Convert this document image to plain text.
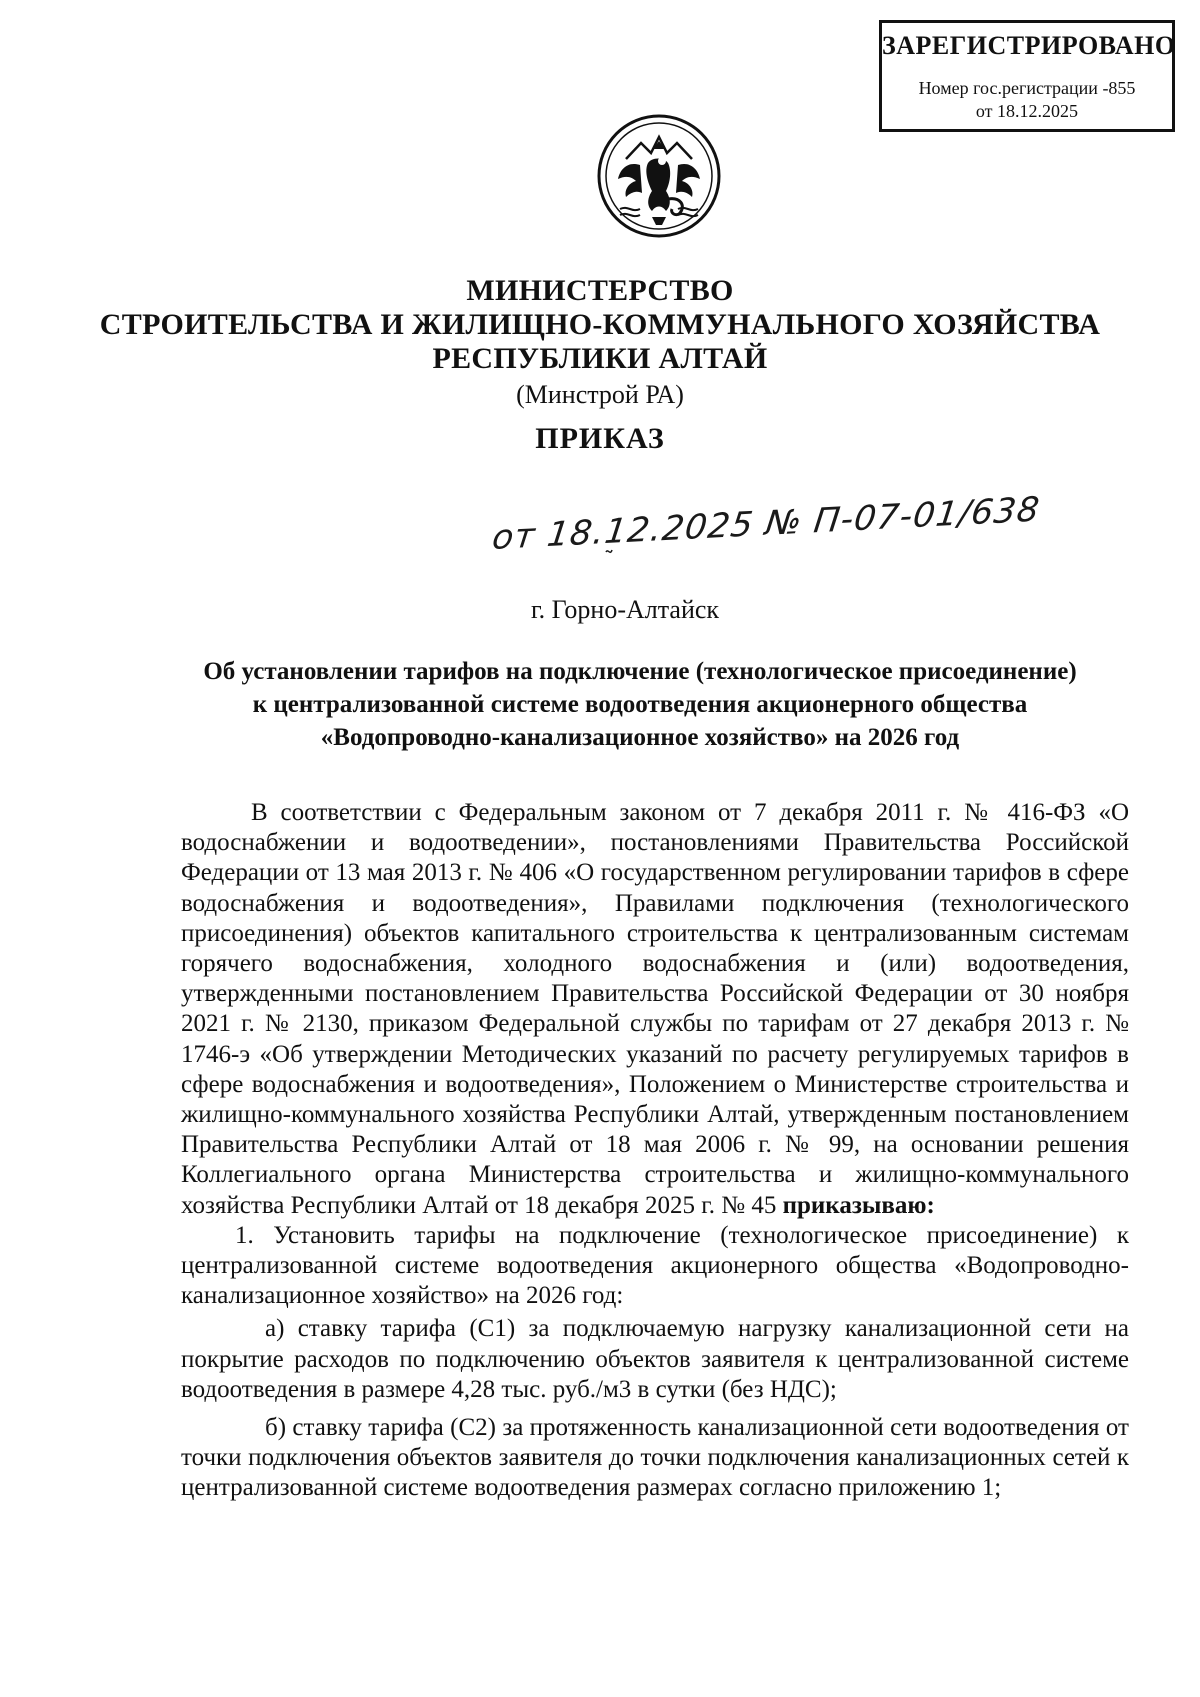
ЗАРЕГИСТРИРОВАНО
Номер гос.регистрации -855
от 18.12.2025
МИНИСТЕРСТВО
СТРОИТЕЛЬСТВА И ЖИЛИЩНО-КОММУНАЛЬНОГО ХОЗЯЙСТВА
РЕСПУБЛИКИ АЛТАЙ
(Минстрой РА)
ПРИКАЗ
от 18.12.2025 № П-07-01/638
г. Горно-Алтайск
Об установлении тарифов на подключение (технологическое присоединение)
к централизованной системе водоотведения акционерного общества
«Водопроводно-канализационное хозяйство» на 2026 год

В соответствии с Федеральным законом от 7 декабря 2011 г. № 416-ФЗ «О водоснабжении и водоотведении», постановлениями Правительства Российской Федерации от 13 мая 2013 г. № 406 «О государственном регулировании тарифов в сфере водоснабжения и водоотведения», Правилами подключения (технологического присоединения) объектов капитального строительства к централизованным системам горячего водоснабжения, холодного водоснабжения и (или) водоотведения, утвержденными постановлением Правительства Российской Федерации от 30 ноября 2021 г. № 2130, приказом Федеральной службы по тарифам от 27 декабря 2013 г. № 1746-э «Об утверждении Методических указаний по расчету регулируемых тарифов в сфере водоснабжения и водоотведения», Положением о Министерстве строительства и жилищно-коммунального хозяйства Республики Алтай, утвержденным постановлением Правительства Республики Алтай от 18 мая 2006 г. № 99, на основании решения Коллегиального органа Министерства строительства и жилищно-коммунального хозяйства Республики Алтай от 18 декабря 2025 г. № 45 приказываю:

1. Установить тарифы на подключение (технологическое присоединение) к централизованной системе водоотведения акционерного общества «Водопроводно-канализационное хозяйство» на 2026 год:

а) ставку тарифа (С1) за подключаемую нагрузку канализационной сети на покрытие расходов по подключению объектов заявителя к централизованной системе водоотведения в размере 4,28 тыс. руб./м3 в сутки (без НДС);

б) ставку тарифа (С2) за протяженность канализационной сети водоотведения от точки подключения объектов заявителя до точки подключения канализационных сетей к централизованной системе водоотведения размерах согласно приложению 1;
